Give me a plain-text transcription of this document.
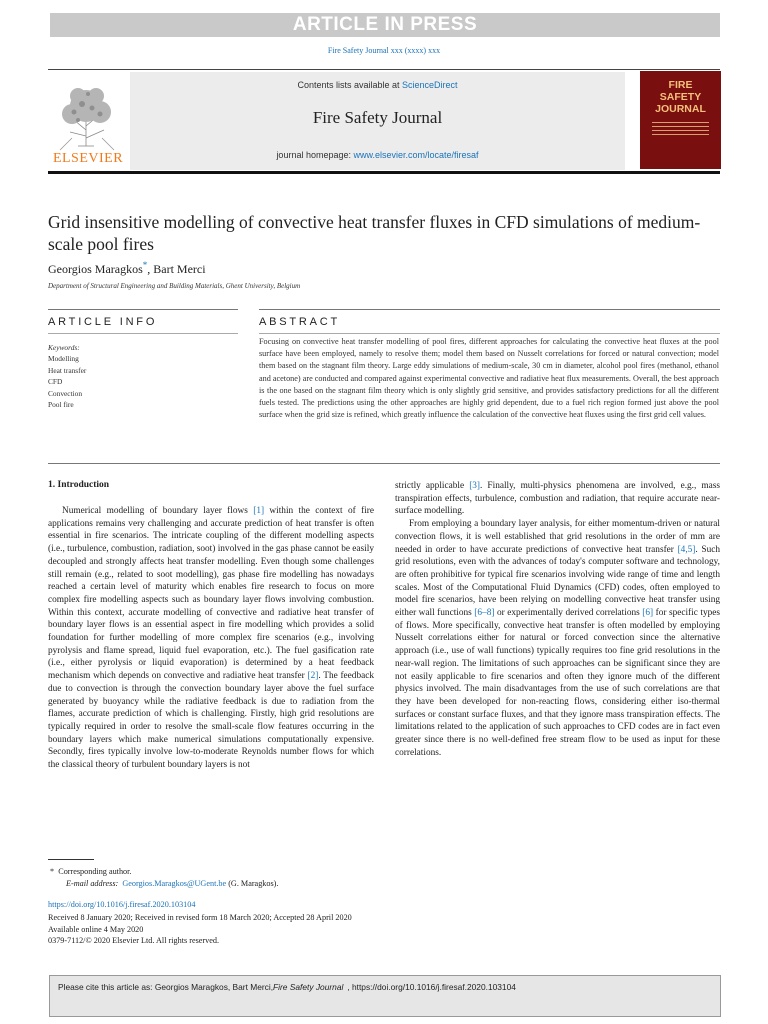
ARTICLE IN PRESS
Fire Safety Journal xxx (xxxx) xxx
ELSEVIER
Contents lists available at ScienceDirect
Fire Safety Journal
journal homepage: www.elsevier.com/locate/firesaf
FIRE
SAFETY
JOURNAL
Grid insensitive modelling of convective heat transfer fluxes in CFD simulations of medium-scale pool fires
Georgios Maragkos*, Bart Merci
Department of Structural Engineering and Building Materials, Ghent University, Belgium
ARTICLE INFO	ABSTRACT
Keywords:
Modelling
Heat transfer
CFD
Convection
Pool fire
Focusing on convective heat transfer modelling of pool fires, different approaches for calculating the convective heat fluxes at the pool surface have been employed, namely to resolve them; model them based on Nusselt correlations for forced or natural convection; model them based on the stagnant film theory. Large eddy simulations of medium-scale, 30 cm in diameter, alcohol pool fires (methanol, ethanol and acetone) are conducted and compared against experimental convective and radiative heat flux measurements. Overall, the best approach is the one based on the stagnant film theory which is only slightly grid sensitive, and provides satisfactory predictions for all the different fuels tested. The predictions using the other approaches are highly grid dependent, due to a fuel rich region formed just above the pool surface when the grid size is refined, which greatly influence the calculation of the convective heat fluxes using the first grid cell values.
1. Introduction

Numerical modelling of boundary layer flows [1] within the context of fire applications remains very challenging and accurate prediction of heat transfer is often essential in fire scenarios. The intricate coupling of the different modelling aspects (i.e., turbulence, combustion, radiation, soot) involved in the gas phase cannot be easily decoupled and strongly affects heat transfer modelling. Even though some challenges still remain (e.g., related to soot modelling), gas phase fire modelling has nowadays reached a certain level of maturity which enables fire research to focus on more complex fire modelling aspects such as boundary layer flows involving combustion. Within this context, accurate modelling of convective and radiative heat transfer of boundary layer flows is an essential aspect in fire modelling which provides a solid foundation for further modelling of more complex fire scenarios (e.g., involving pyrolysis and flame spread, liquid fuel evaporation, etc.). The fuel gasification rate (i.e., either pyrolysis or liquid evaporation) is determined by a heat feedback mechanism which depends on convective and radiative heat transfer [2]. The feedback due to convection is through the convection boundary layer above the fuel surface generated by buoyancy while the radiative feedback is due to radiation from the flames, accurate prediction of which is challenging. Firstly, high grid resolutions are typically required in order to resolve the small-scale flow features occurring in the boundary layers which make numerical simulations computationally expensive. Secondly, fires typically involve low-to-moderate Reynolds number flows for which the classical theory of turbulent boundary layers is not

strictly applicable [3]. Finally, multi-physics phenomena are involved, e.g., mass transpiration effects, turbulence, combustion and radiation, that require accurate near-surface modelling.

From employing a boundary layer analysis, for either momentum-driven or natural convection flows, it is well established that grid resolutions in the order of mm are needed in order to have accurate predictions of convective heat transfer [4,5]. Such grid resolutions, even with the advances of today's computer software and technology, are often prohibitive for typical fire scenarios involving wide range of time and length scales. Most of the Computational Fluid Dynamics (CFD) codes, often employed to model fire scenarios, have been relying on modelling convective heat transfer using either wall functions [6–8] or experimentally derived correlations [6] for specific types of flows. More specifically, convective heat transfer is often modelled by employing Nusselt correlations either for natural or forced convection since the alternative approach (i.e., use of wall functions) typically requires too fine grid resolutions in the near-wall region. The limitations of such approaches can be significant since they are not easily applicable to fire scenarios and often they ignore much of the different physics involved. The main disadvantages from the use of such correlations are that they have been developed for non-reacting flows, considering either iso-thermal surfaces or constant surface fluxes, and that they ignore mass transpiration effects. The limitations related to the application of such approaches to CFD codes are in fact even greater since there is no well-defined free stream flow to be used as input for these correlations.

* Corresponding author.
E-mail address: Georgios.Maragkos@UGent.be (G. Maragkos).
https://doi.org/10.1016/j.firesaf.2020.103104
Received 8 January 2020; Received in revised form 18 March 2020; Accepted 28 April 2020
Available online 4 May 2020
0379-7112/© 2020 Elsevier Ltd. All rights reserved.
Please cite this article as: Georgios Maragkos, Bart Merci,Fire Safety Journal , https://doi.org/10.1016/j.firesaf.2020.103104
